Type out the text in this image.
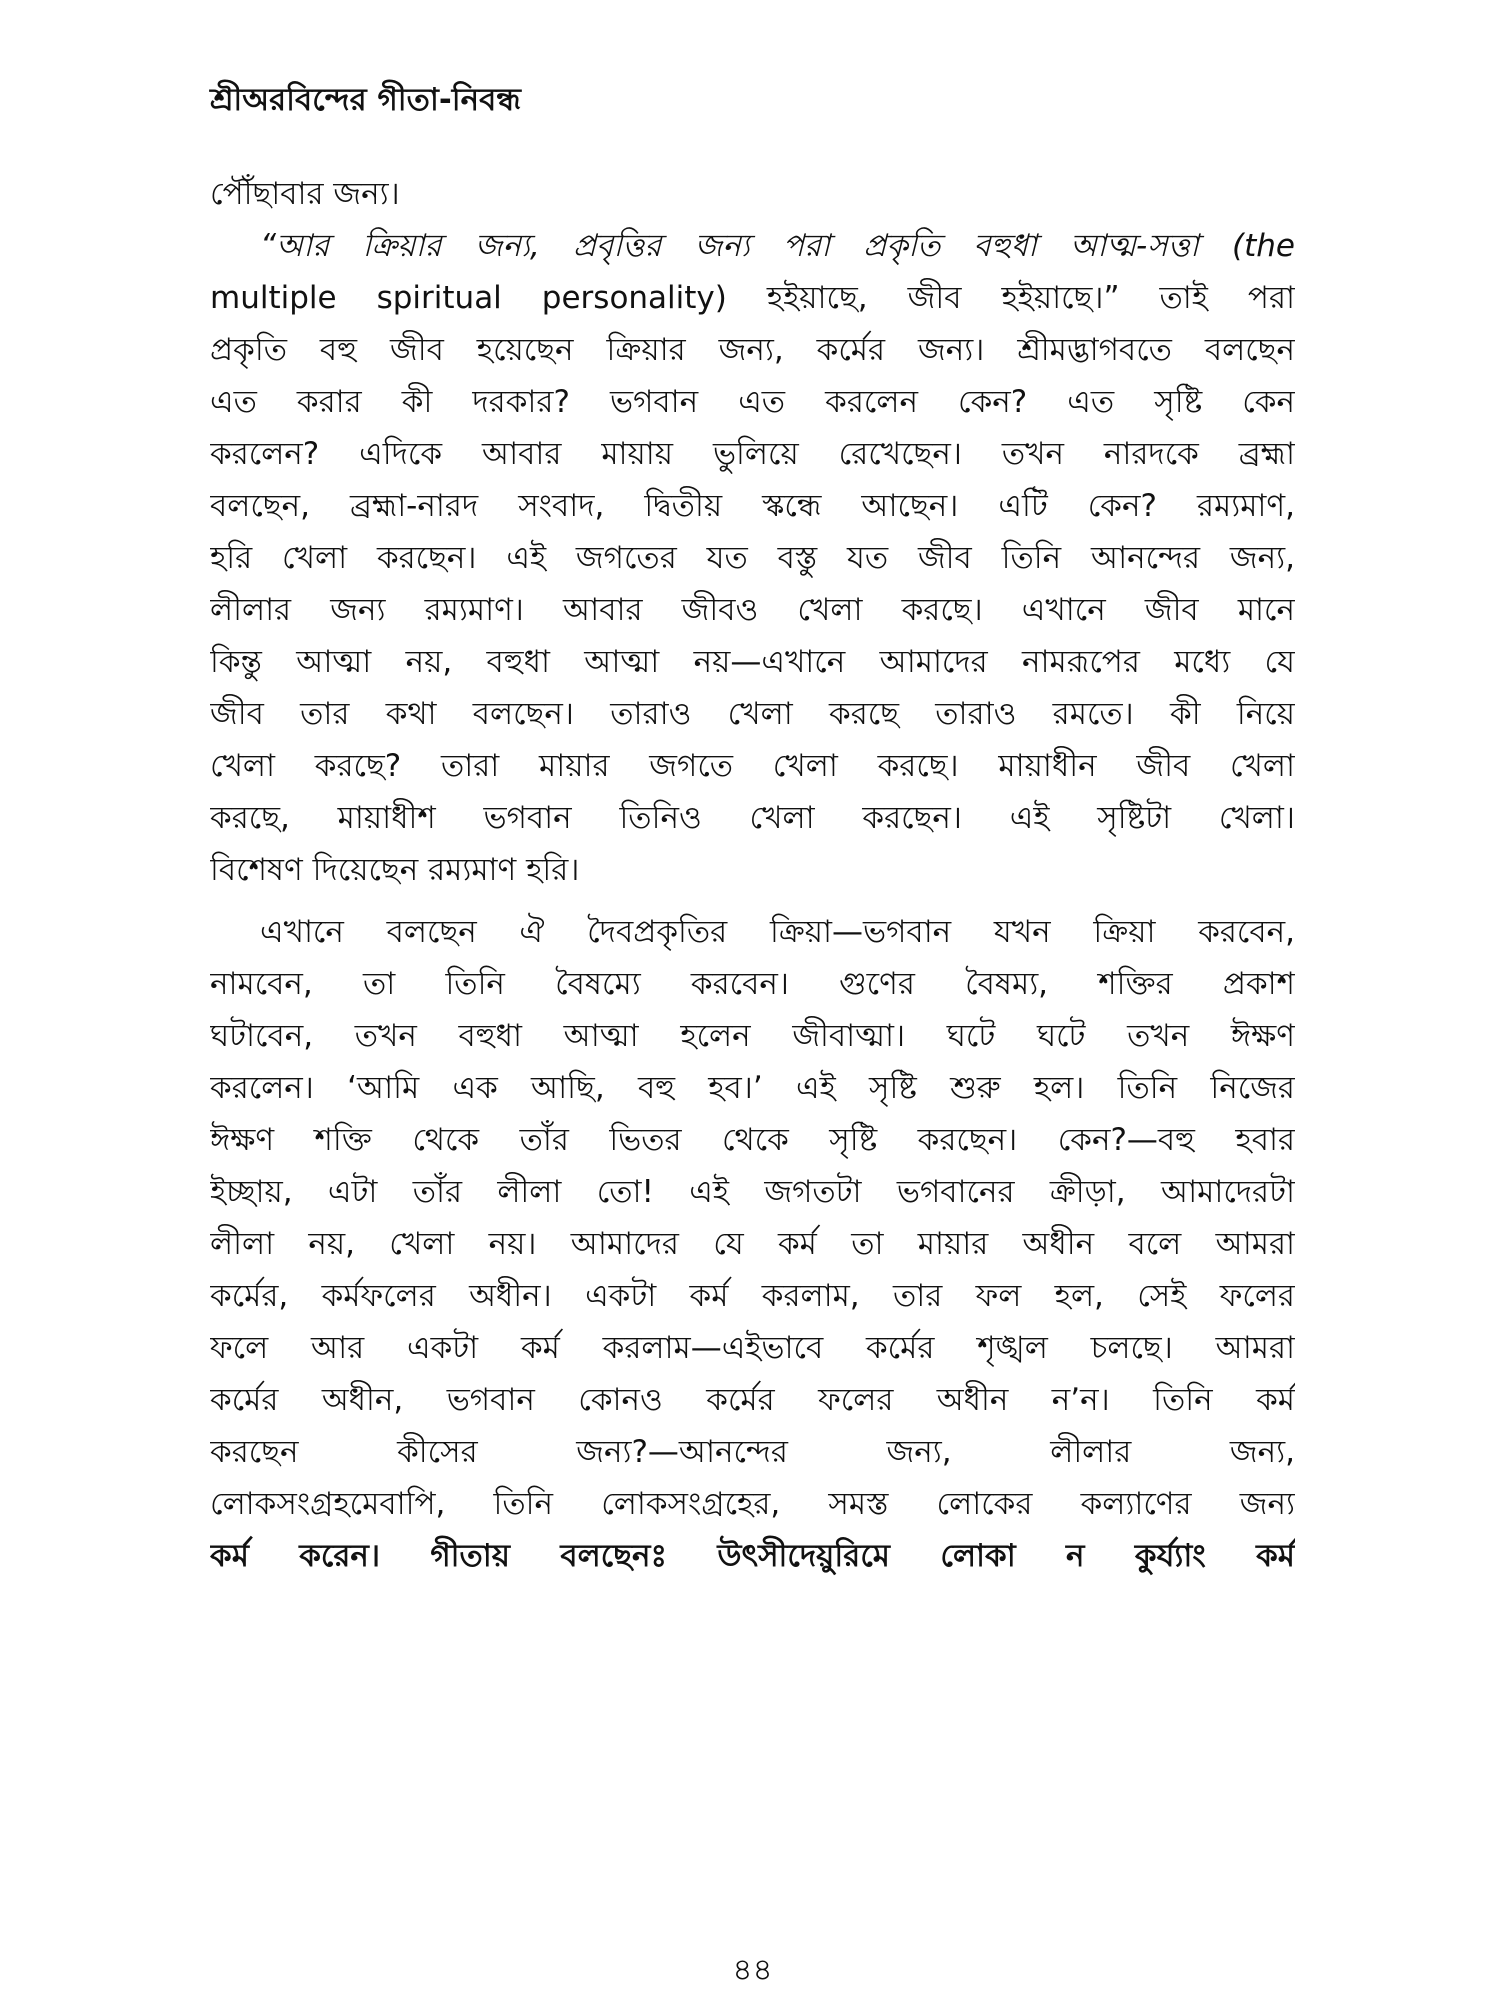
শ্রীঅরবিন্দের গীতা-নিবন্ধ
পৌঁছাবার জন্য।
“আর ক্রিয়ার জন্য, প্রবৃত্তির জন্য পরা প্রকৃতি বহুধা আত্ম-সত্তা (the
multiple spiritual personality) হইয়াছে, জীব হইয়াছে।” তাই পরা
প্রকৃতি বহু জীব হয়েছেন ক্রিয়ার জন্য, কর্মের জন্য। শ্রীমদ্ভাগবতে বলছেন
এত করার কী দরকার? ভগবান এত করলেন কেন? এত সৃষ্টি কেন
করলেন? এদিকে আবার মায়ায় ভুলিয়ে রেখেছেন। তখন নারদকে ব্রহ্মা
বলছেন, ব্রহ্মা-নারদ সংবাদ, দ্বিতীয় স্কন্ধে আছেন। এটি কেন? রম্যমাণ,
হরি খেলা করছেন। এই জগতের যত বস্তু যত জীব তিনি আনন্দের জন্য,
লীলার জন্য রম্যমাণ। আবার জীবও খেলা করছে। এখানে জীব মানে
কিন্তু আত্মা নয়, বহুধা আত্মা নয়—এখানে আমাদের নামরূপের মধ্যে যে
জীব তার কথা বলছেন। তারাও খেলা করছে তারাও রমতে। কী নিয়ে
খেলা করছে? তারা মায়ার জগতে খেলা করছে। মায়াধীন জীব খেলা
করছে, মায়াধীশ ভগবান তিনিও খেলা করছেন। এই সৃষ্টিটা খেলা।
বিশেষণ দিয়েছেন রম্যমাণ হরি।
এখানে বলছেন ঐ দৈবপ্রকৃতির ক্রিয়া—ভগবান যখন ক্রিয়া করবেন,
নামবেন, তা তিনি বৈষম্যে করবেন। গুণের বৈষম্য, শক্তির প্রকাশ
ঘটাবেন, তখন বহুধা আত্মা হলেন জীবাত্মা। ঘটে ঘটে তখন ঈক্ষণ
করলেন। ‘আমি এক আছি, বহু হব।’ এই সৃষ্টি শুরু হল। তিনি নিজের
ঈক্ষণ শক্তি থেকে তাঁর ভিতর থেকে সৃষ্টি করছেন। কেন?—বহু হবার
ইচ্ছায়, এটা তাঁর লীলা তো! এই জগতটা ভগবানের ক্রীড়া, আমাদেরটা
লীলা নয়, খেলা নয়। আমাদের যে কর্ম তা মায়ার অধীন বলে আমরা
কর্মের, কর্মফলের অধীন। একটা কর্ম করলাম, তার ফল হল, সেই ফলের
ফলে আর একটা কর্ম করলাম—এইভাবে কর্মের শৃঙ্খল চলছে। আমরা
কর্মের অধীন, ভগবান কোনও কর্মের ফলের অধীন ন’ন। তিনি কর্ম
করছেন কীসের জন্য?—আনন্দের জন্য, লীলার জন্য,
লোকসংগ্রহমেবাপি, তিনি লোকসংগ্রহের, সমস্ত লোকের কল্যাণের জন্য
কর্ম করেন। গীতায় বলছেনঃ উৎসীদেয়ুরিমে লোকা ন কুর্য্যাং কর্ম
৪৪
